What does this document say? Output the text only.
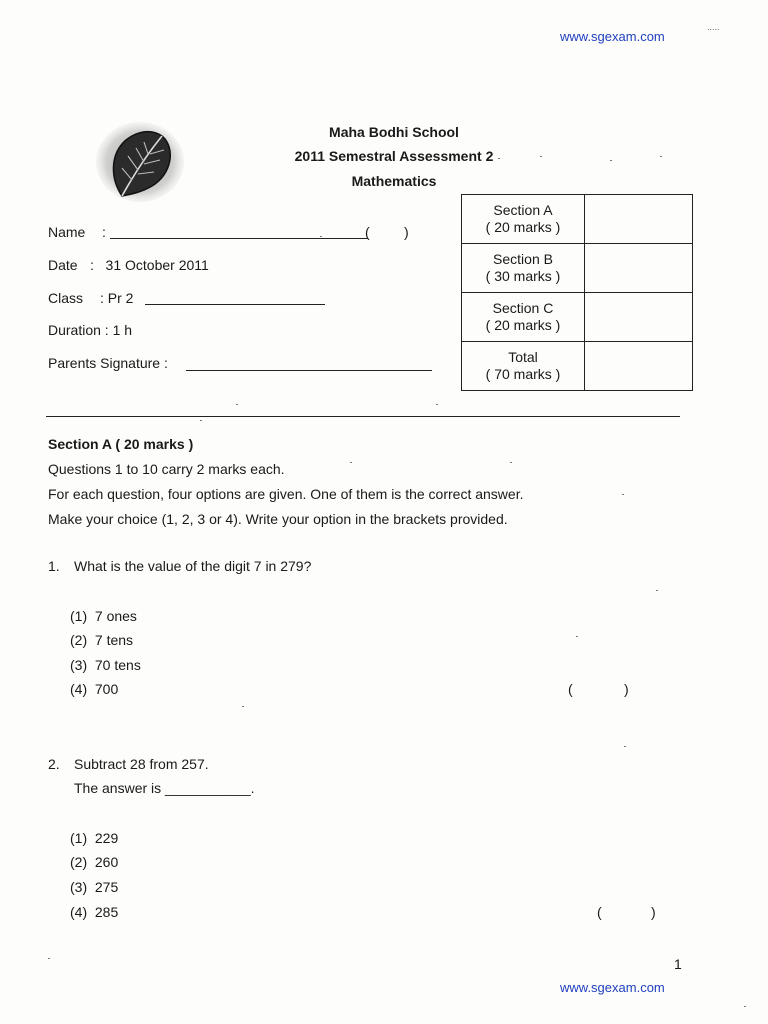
www.sgexam.com
.....
Maha Bodhi School
2011 Semestral Assessment 2
Mathematics
Name :	( )
Date :   31 October 2011
Class : Pr 2
Duration : 1 h
Parents Signature :
Section A
( 20 marks )	
Section B
( 30 marks )	
Section C
( 20 marks )	
Total
( 70 marks )	
Section A ( 20 marks )
Questions 1 to 10 carry 2 marks each.
For each question, four options are given. One of them is the correct answer.
Make your choice (1, 2, 3 or 4). Write your option in the brackets provided.
1. What is the value of the digit 7 in 279?
(1)  7 ones
(2)  7 tens
(3)  70 tens
(4)  700	(	)
2. Subtract 28 from 257.
The answer is ___________.
(1)  229
(2)  260
(3)  275
(4)  285	(	)
1
www.sgexam.com
